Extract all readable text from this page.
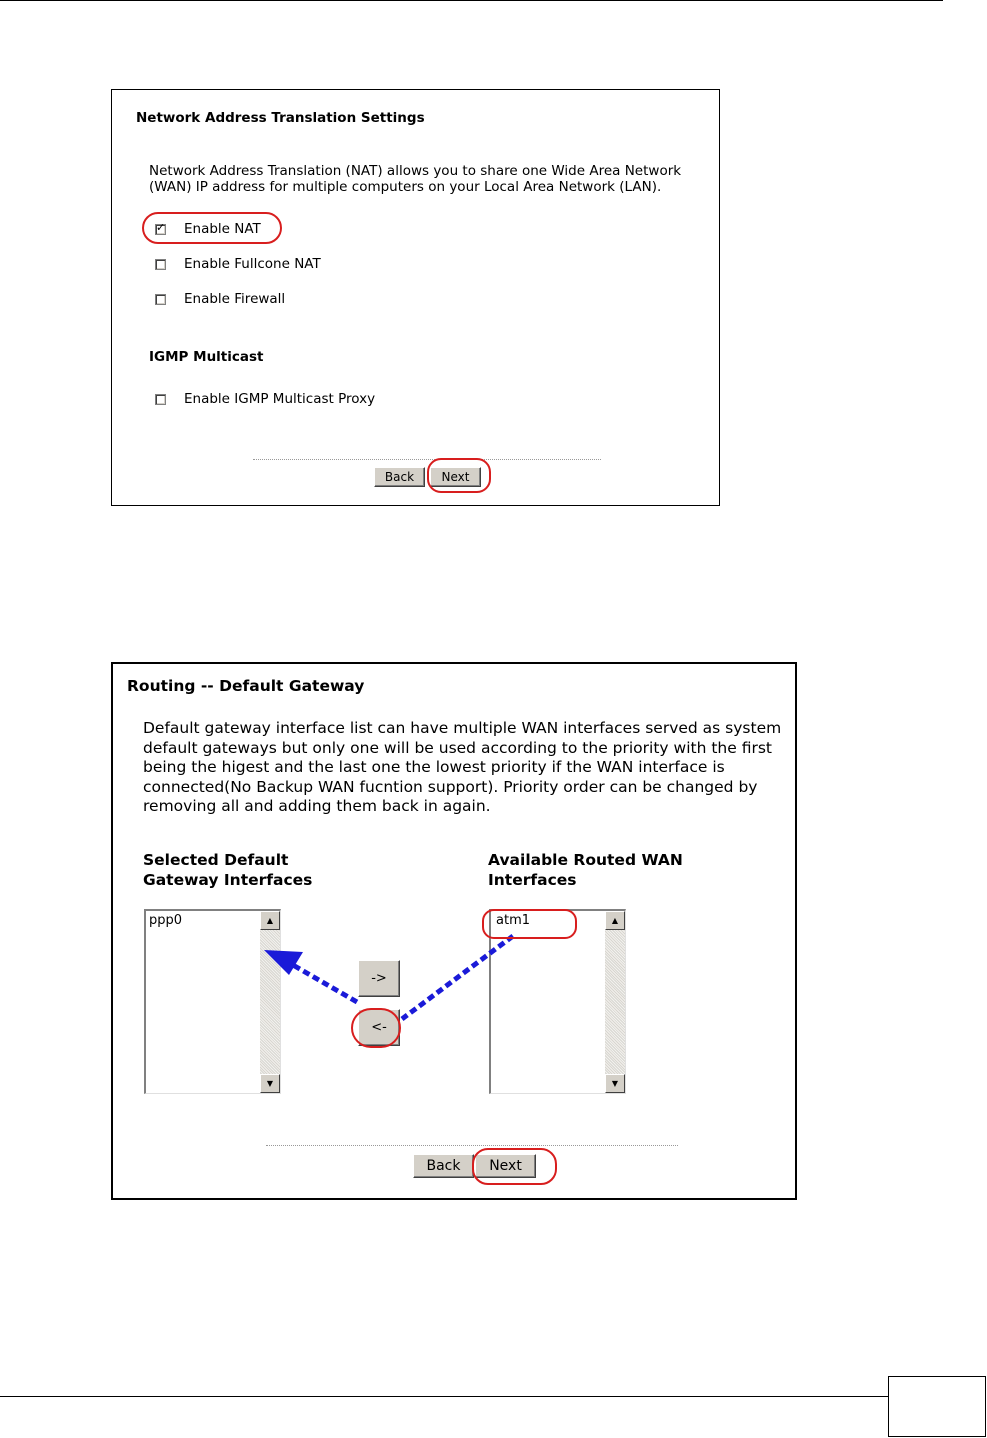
Network Address Translation Settings
Network Address Translation (NAT) allows you to share one Wide Area Network
(WAN) IP address for multiple computers on your Local Area Network (LAN).
✓ Enable NAT
Enable Fullcone NAT
Enable Firewall
IGMP Multicast
Enable IGMP Multicast Proxy
Back	Next
Routing -- Default Gateway
Default gateway interface list can have multiple WAN interfaces served as system
default gateways but only one will be used according to the priority with the first
being the higest and the last one the lowest priority if the WAN interface is
connected(No Backup WAN fucntion support). Priority order can be changed by
removing all and adding them back in again.
Selected Default
Gateway Interfaces
Available Routed WAN
Interfaces
ppp0	▲
▼
atm1	▲
▼
->
<-
Back	Next
